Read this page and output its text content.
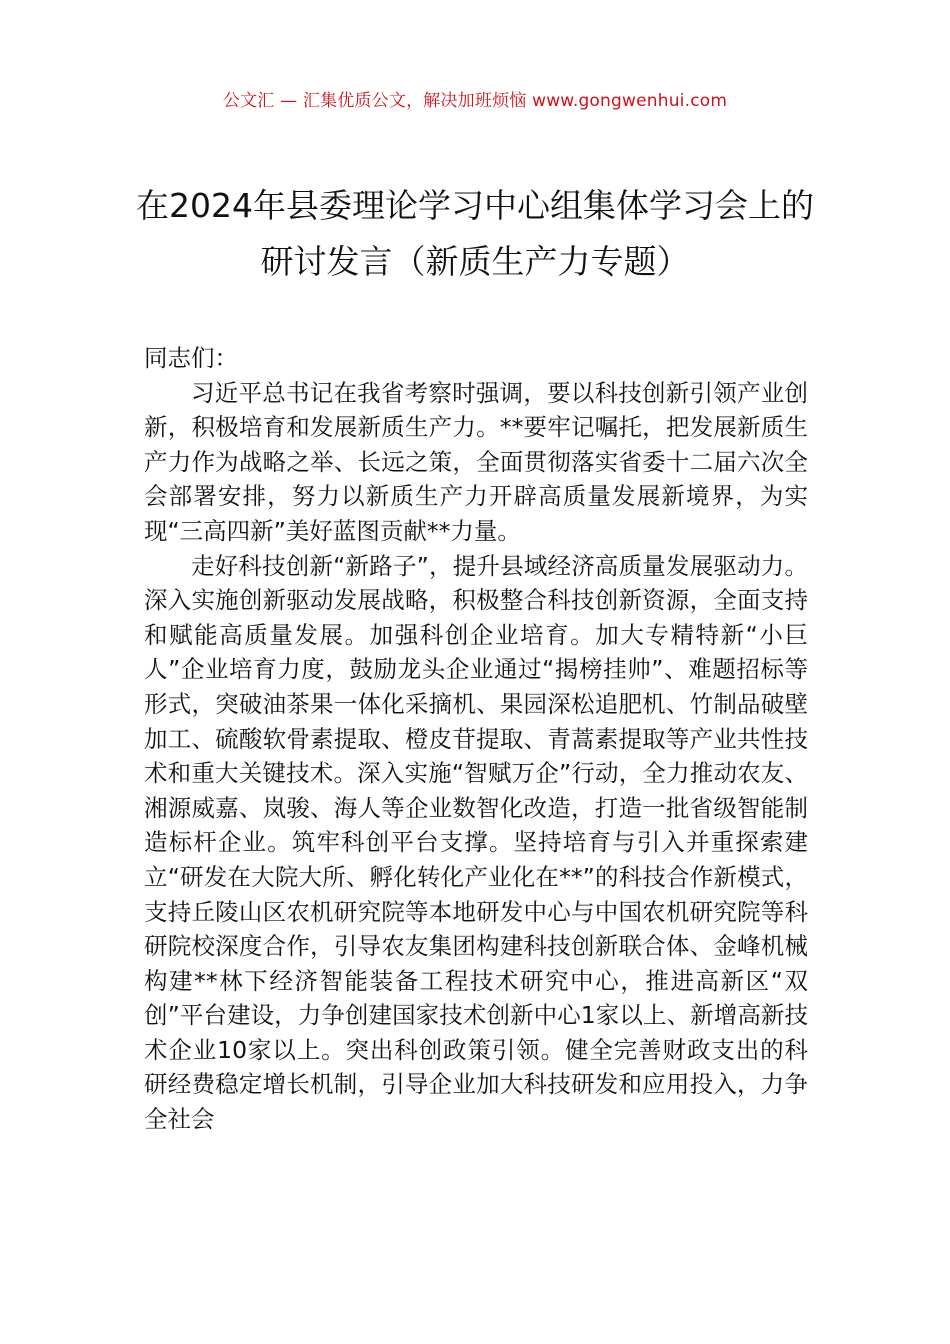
公文汇 — 汇集优质公文，解决加班烦恼 www.gongwenhui.com
在2024年县委理论学习中心组集体学习会上的研讨发言（新质生产力专题）

同志们：

习近平总书记在我省考察时强调，要以科技创新引领产业创新，积极培育和发展新质生产力。**要牢记嘱托，把发展新质生产力作为战略之举、长远之策，全面贯彻落实省委十二届六次全会部署安排，努力以新质生产力开辟高质量发展新境界，为实现“三高四新”美好蓝图贡献**力量。

走好科技创新“新路子”，提升县域经济高质量发展驱动力。深入实施创新驱动发展战略，积极整合科技创新资源，全面支持和赋能高质量发展。加强科创企业培育。加大专精特新“小巨人”企业培育力度，鼓励龙头企业通过“揭榜挂帅”、难题招标等形式，突破油茶果一体化采摘机、果园深松追肥机、竹制品破壁加工、硫酸软骨素提取、橙皮苷提取、青蒿素提取等产业共性技术和重大关键技术。深入实施“智赋万企”行动，全力推动农友、湘源威嘉、岚骏、海人等企业数智化改造，打造一批省级智能制造标杆企业。筑牢科创平台支撑。坚持培育与引入并重探索建立“研发在大院大所、孵化转化产业化在**”的科技合作新模式，支持丘陵山区农机研究院等本地研发中心与中国农机研究院等科研院校深度合作，引导农友集团构建科技创新联合体、金峰机械构建**林下经济智能装备工程技术研究中心，推进高新区“双创”平台建设，力争创建国家技术创新中心1家以上、新增高新技术企业10家以上。突出科创政策引领。健全完善财政支出的科研经费稳定增长机制，引导企业加大科技研发和应用投入，力争全社会
